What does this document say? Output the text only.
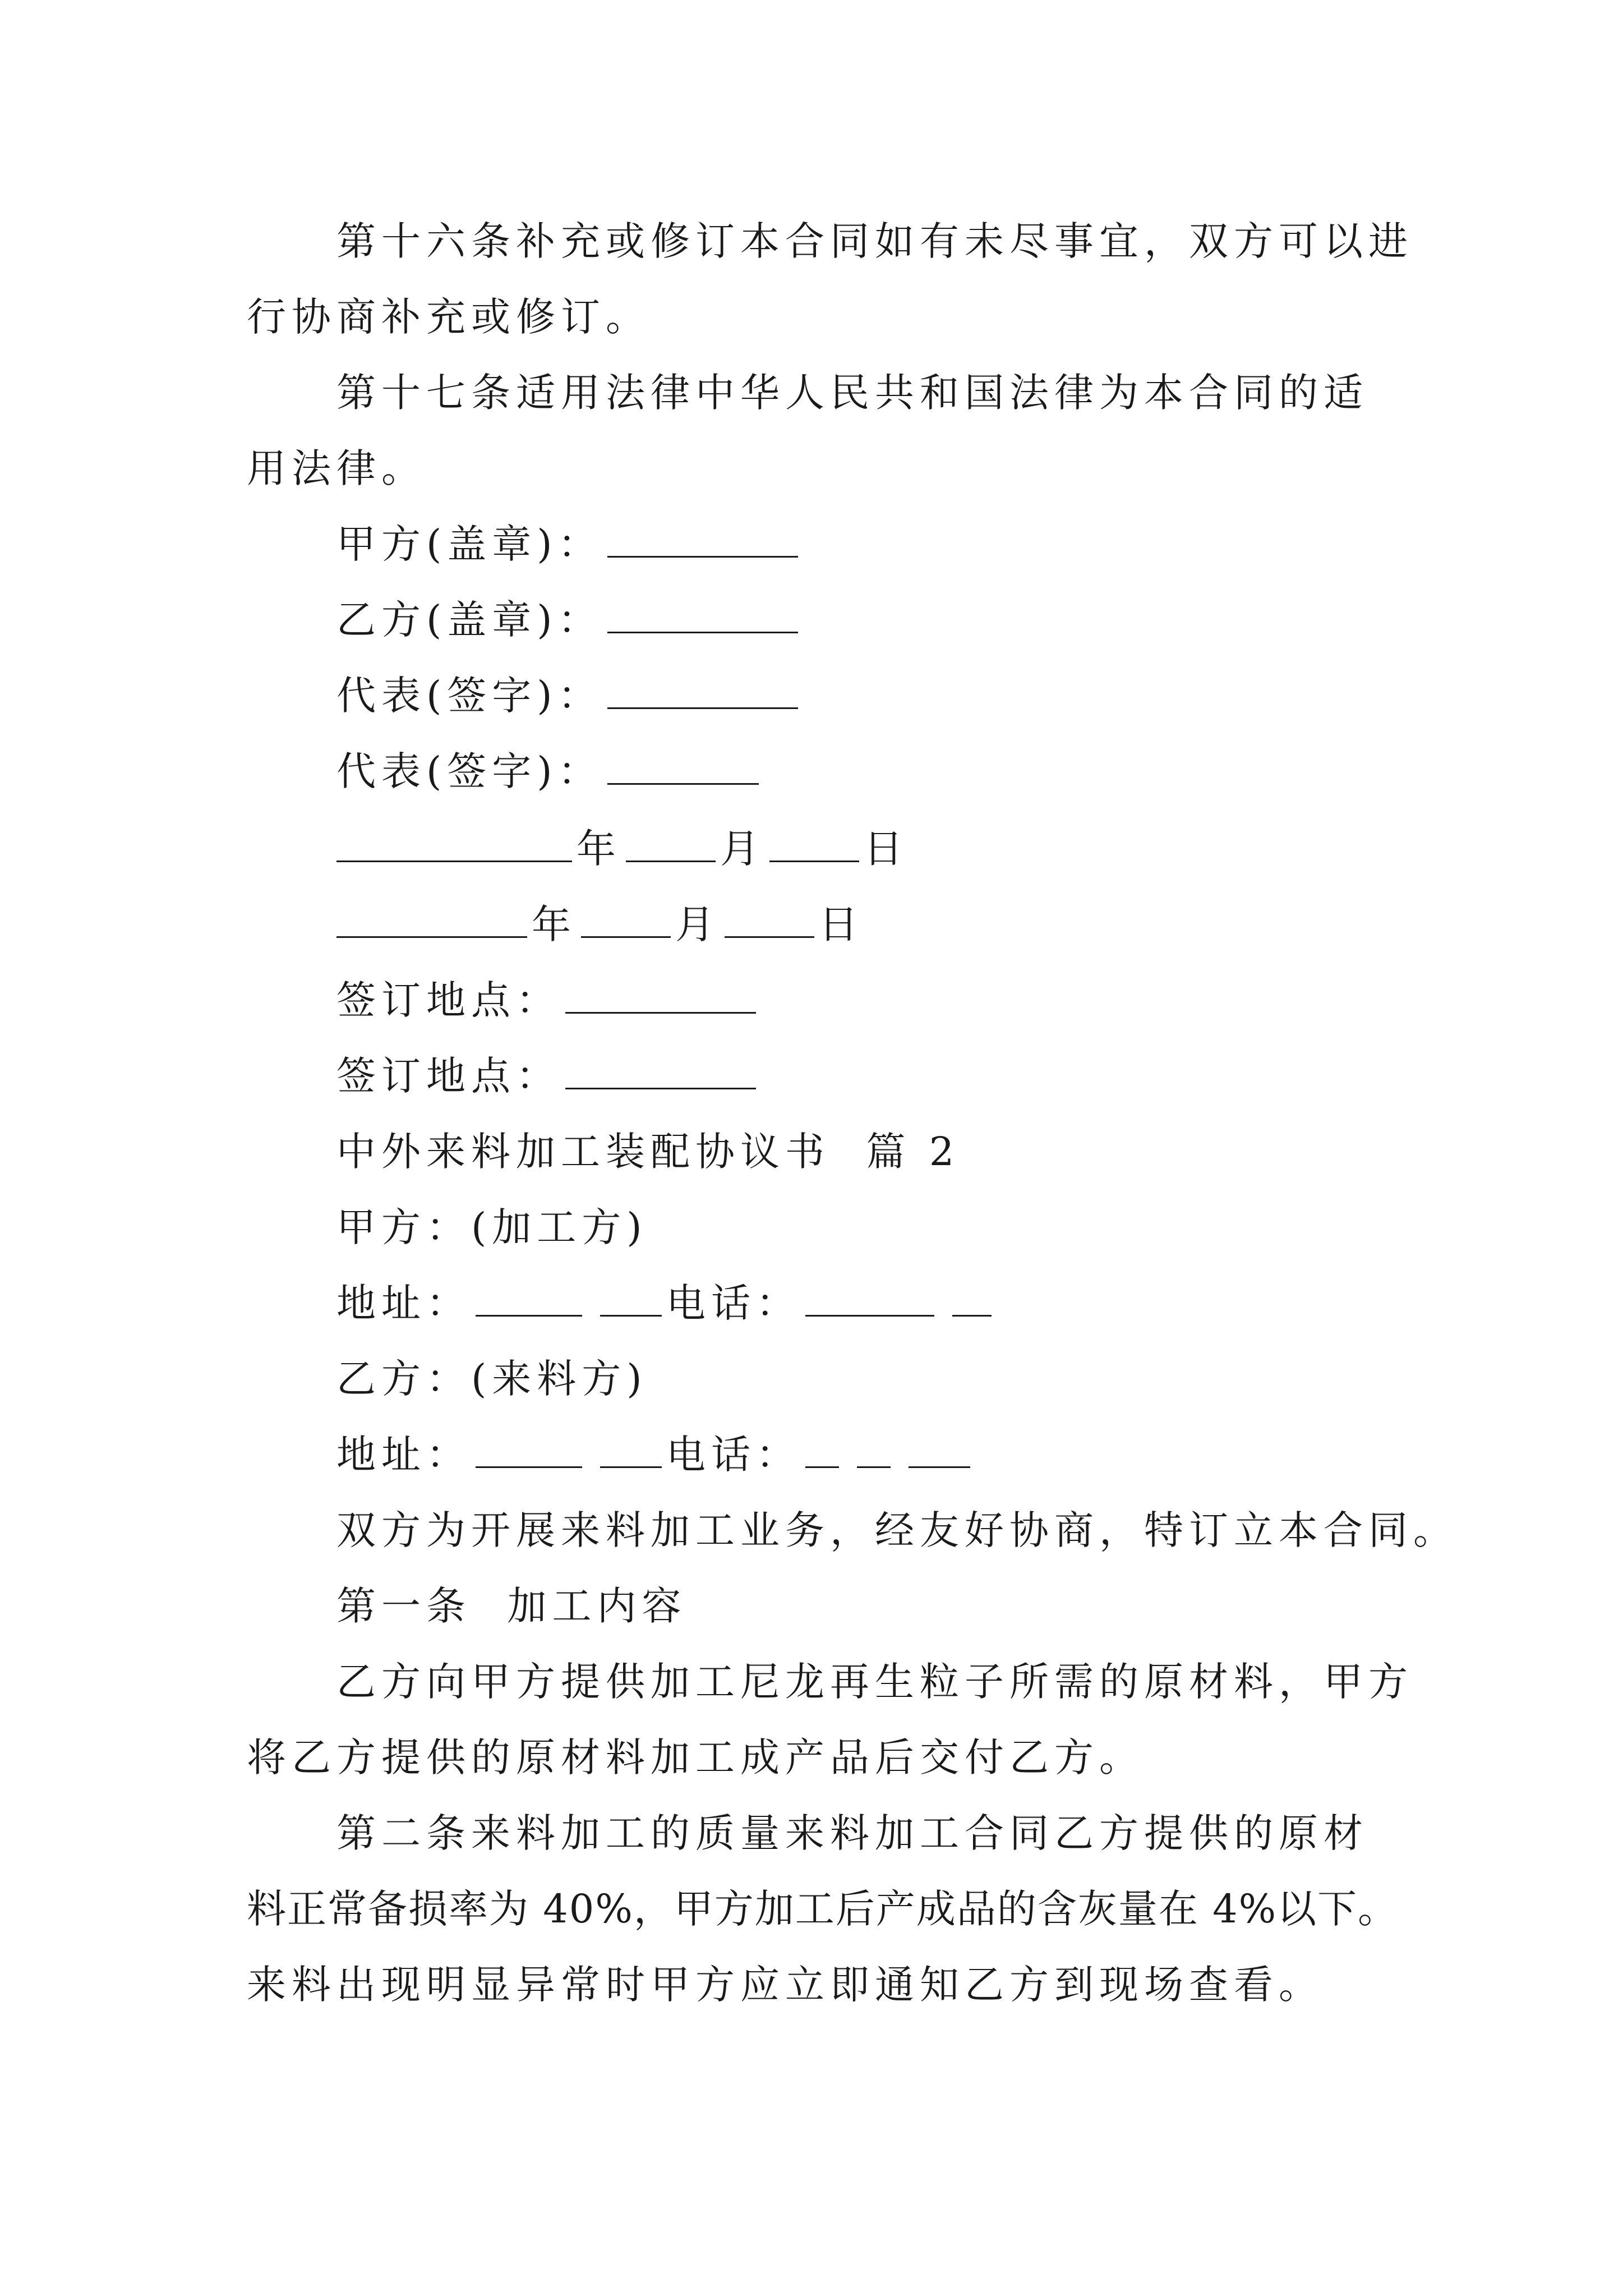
第十六条补充或修订本合同如有未尽事宜，双方可以进
行协商补充或修订。
第十七条适用法律中华人民共和国法律为本合同的适
用法律。
甲方(盖章)：
乙方(盖章)：
代表(签字)：
代表(签字)：
年	月	日
年	月	日
签订地点：
签订地点：
中外来料加工装配协议书  篇 2
甲方：(加工方)
地址：	电话：
乙方：(来料方)
地址：	电话：
双方为开展来料加工业务，经友好协商，特订立本合同。
第一条  加工内容
乙方向甲方提供加工尼龙再生粒子所需的原材料，甲方
将乙方提供的原材料加工成产品后交付乙方。
第二条来料加工的质量来料加工合同乙方提供的原材
料正常备损率为 40%，甲方加工后产成品的含灰量在 4%以下。
来料出现明显异常时甲方应立即通知乙方到现场查看。
